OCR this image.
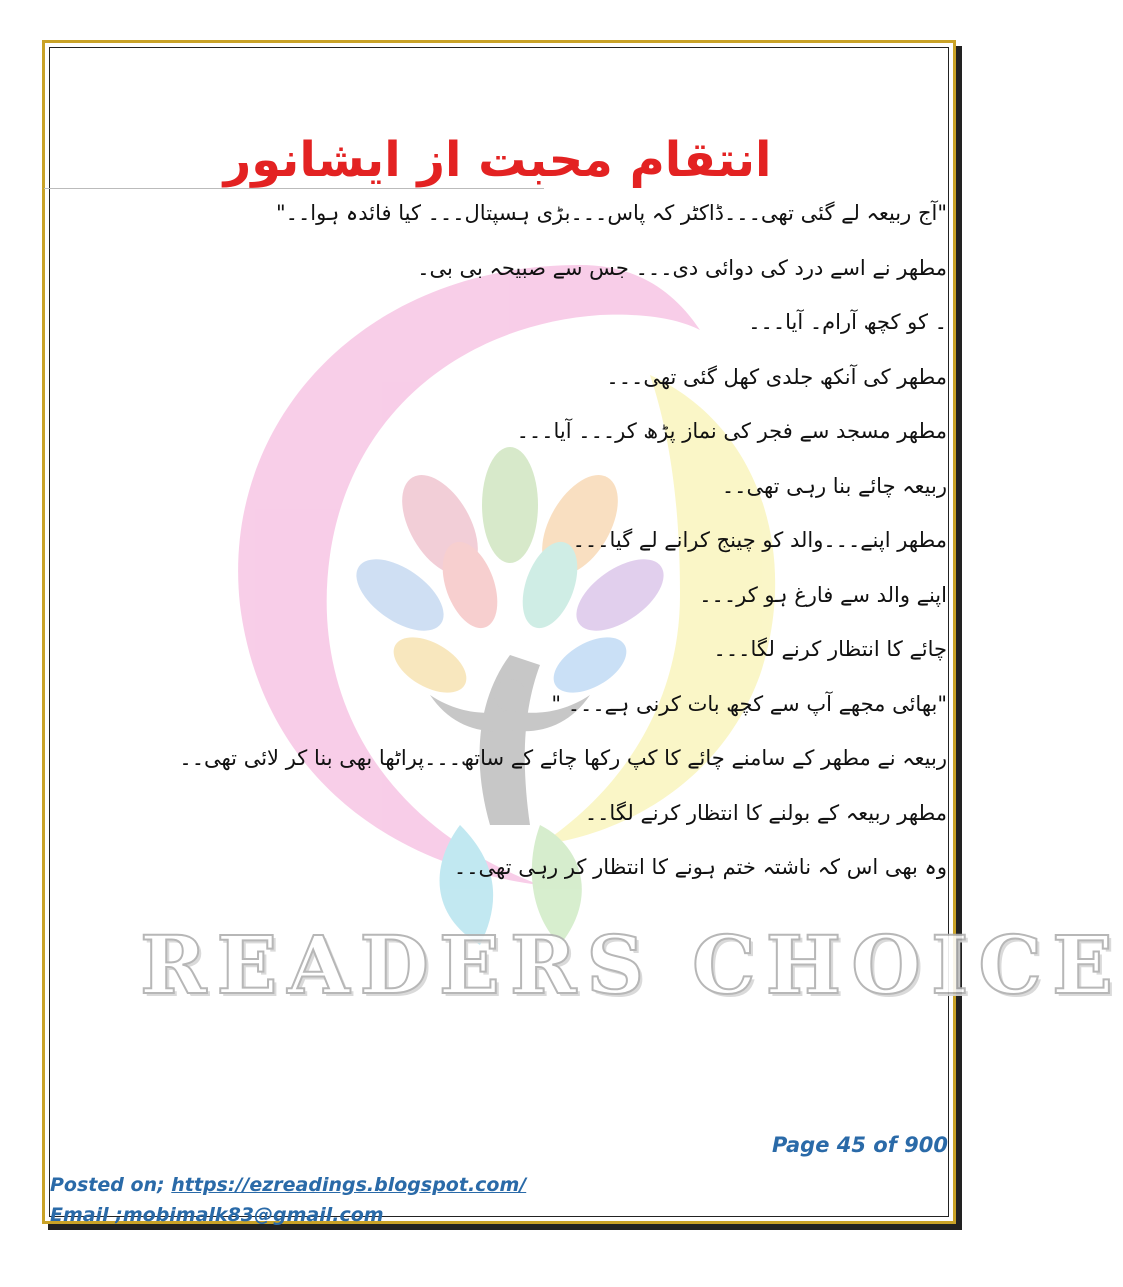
READERS CHOICE
انتقام محبت از ایشانور
"آج ربیعہ لے گئی تھی۔۔۔ڈاکٹر کہ پاس۔۔۔بڑی ہسپتال۔۔۔ کیا فائدہ ہوا۔۔"
مطھر نے اسے درد کی دوائی دی۔۔۔ جس سے صبیحہ بی بی۔
۔ کو کچھ آرام۔ آیا۔۔۔
مطھر کی آنکھ جلدی کھل گئی تھی۔۔۔
مطھر مسجد سے فجر کی نماز پڑھ کر۔۔۔ آیا۔۔۔
ربیعہ چائے بنا رہی تھی۔۔
مطھر اپنے۔۔۔والد کو چینج کرانے لے گیا۔۔۔
اپنے والد سے فارغ ہو کر۔۔۔
چائے کا انتظار کرنے لگا۔۔۔
"بھائی مجھے آپ سے کچھ بات کرنی ہے۔۔۔ "
ربیعہ نے مطھر کے سامنے چائے کا کپ رکھا چائے کے ساتھ۔۔۔پراٹھا بھی بنا کر لائی تھی۔۔
مطھر ربیعہ کے بولنے کا انتظار کرنے لگا۔۔
وہ بھی اس کہ ناشتہ ختم ہونے کا انتظار کر رہی تھی۔۔
Page 45 of 900
Posted on; https://ezreadings.blogspot.com/
Email ;mobimalk83@gmail.com
